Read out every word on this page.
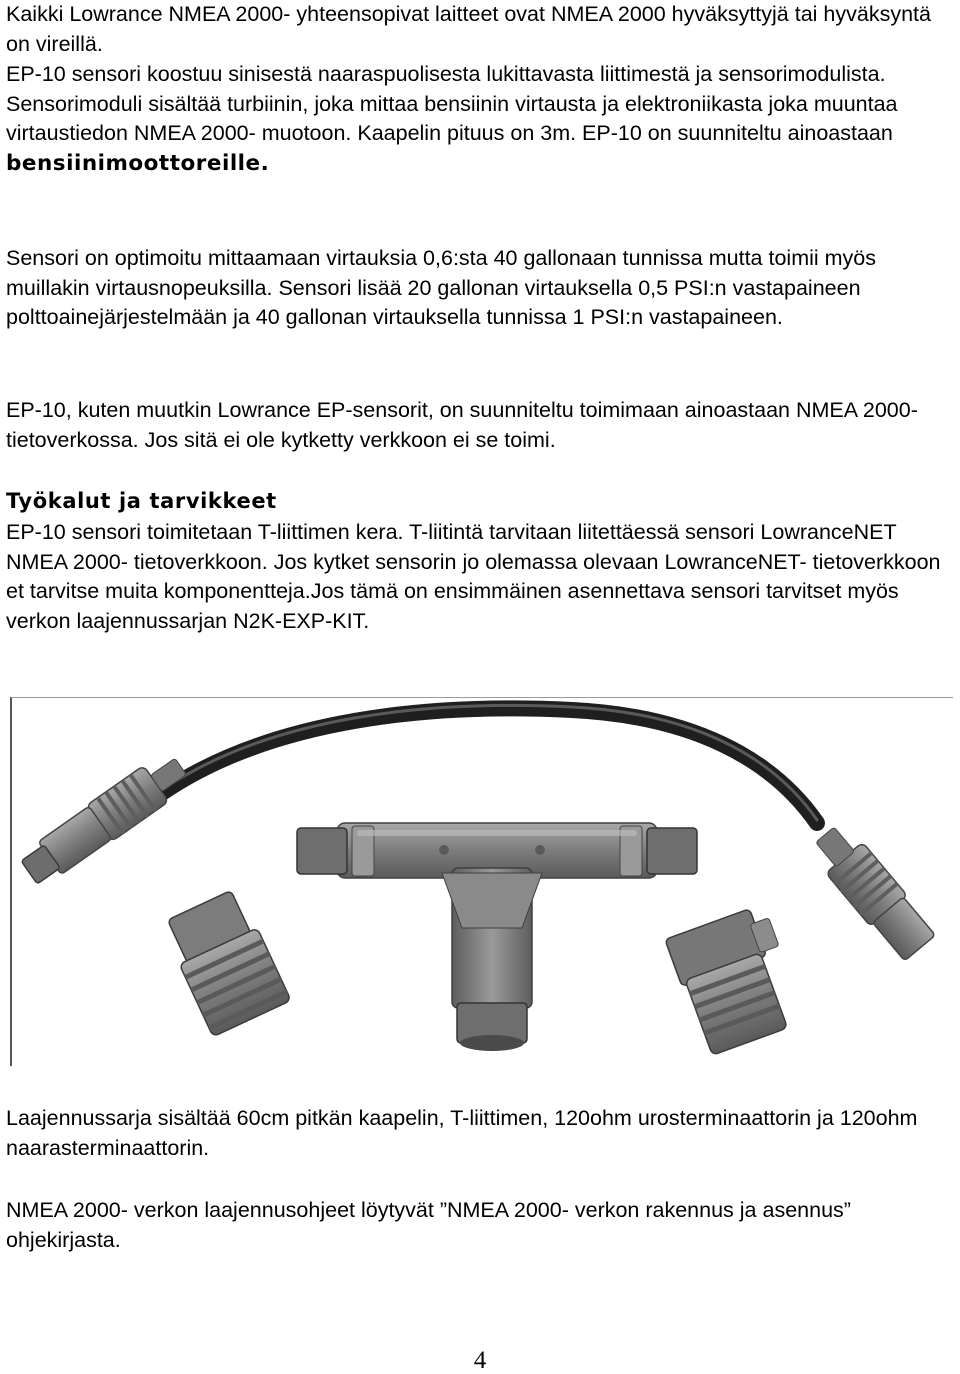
Kaikki Lowrance NMEA 2000- yhteensopivat laitteet ovat NMEA 2000 hyväksyttyjä tai hyväksyntä on vireillä.

EP-10 sensori koostuu sinisestä naaraspuolisesta lukittavasta liittimestä ja sensorimodulista. Sensorimoduli sisältää turbiinin, joka mittaa bensiinin virtausta ja elektroniikasta joka muuntaa virtaustiedon NMEA 2000- muotoon. Kaapelin pituus on 3m. EP-10 on suunniteltu ainoastaan bensiinimoottoreille.

Sensori on optimoitu mittaamaan virtauksia 0,6:sta 40 gallonaan tunnissa mutta toimii myös muillakin virtausnopeuksilla. Sensori lisää 20 gallonan virtauksella 0,5 PSI:n vastapaineen polttoainejärjestelmään ja 40 gallonan virtauksella tunnissa 1 PSI:n vastapaineen.

EP-10, kuten muutkin Lowrance EP-sensorit, on suunniteltu toimimaan ainoastaan NMEA 2000- tietoverkossa. Jos sitä ei ole kytketty verkkoon ei se toimi.

Työkalut ja tarvikkeet

EP-10 sensori toimitetaan T-liittimen kera. T-liitintä tarvitaan liitettäessä sensori LowranceNET NMEA 2000- tietoverkkoon. Jos kytket sensorin jo olemassa olevaan LowranceNET- tietoverkkoon et tarvitse muita komponentteja.Jos tämä on ensimmäinen asennettava sensori tarvitset myös verkon laajennussarjan N2K-EXP-KIT.

Laajennussarja sisältää 60cm pitkän kaapelin, T-liittimen, 120ohm urosterminaattorin ja 120ohm naarasterminaattorin.

NMEA 2000- verkon laajennusohjeet löytyvät ”NMEA 2000- verkon rakennus ja asennus” ohjekirjasta.

4
